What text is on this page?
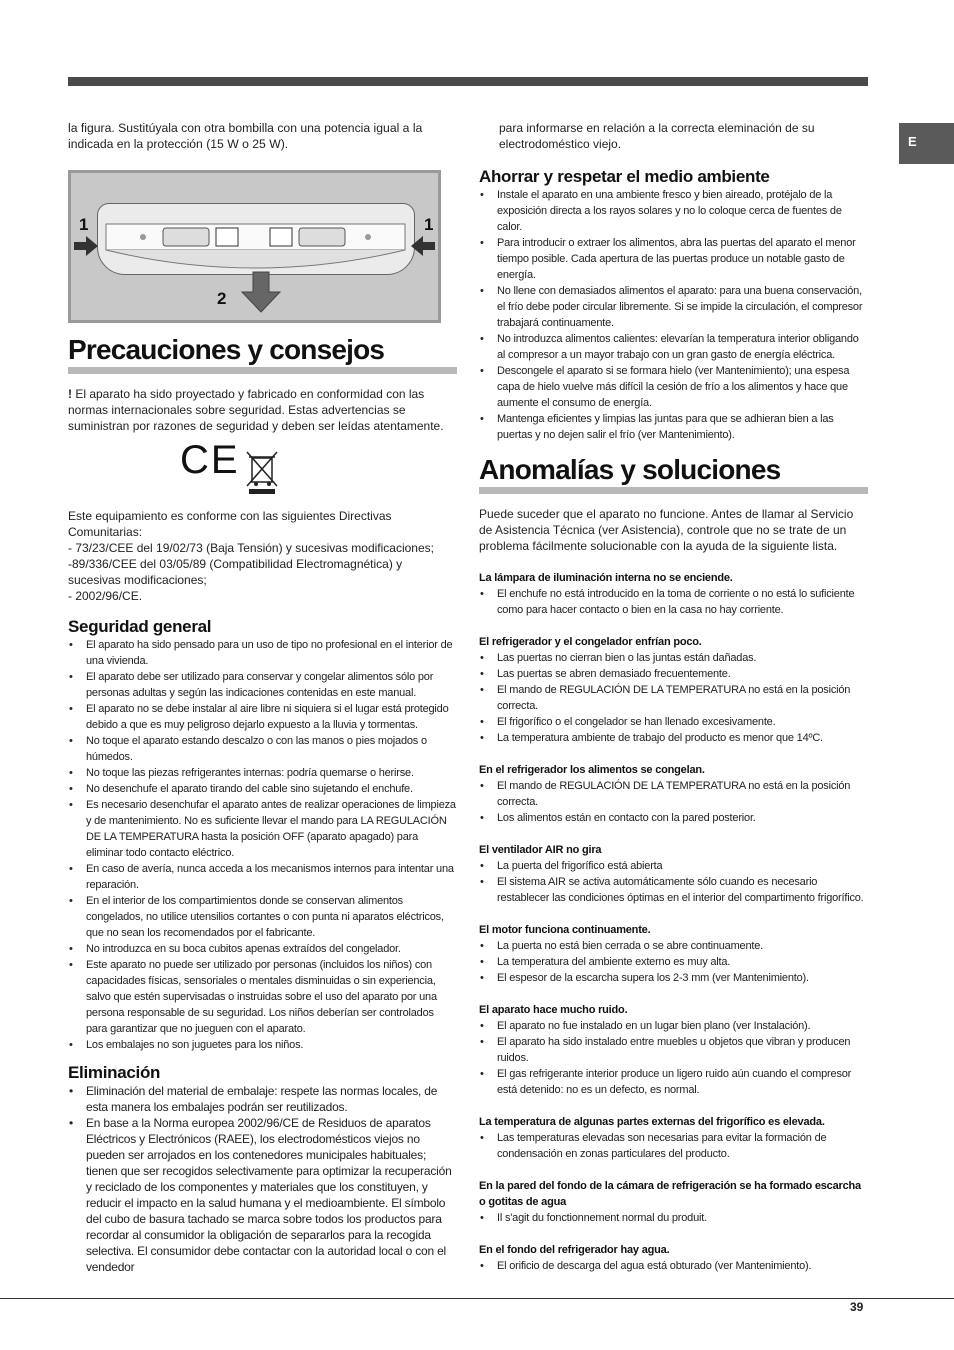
E

la figura. Sustitúyala con otra bombilla con una potencia igual a la indicada en la protección (15 W o 25 W).

1	1
2
Precauciones y consejos

! El aparato ha sido proyectado y fabricado en conformidad con las normas internacionales sobre seguridad. Estas advertencias se suministran por razones de seguridad y deben ser leídas atentamente.

CE

Este equipamiento es conforme con las siguientes Directivas Comunitarias:

- 73/23/CEE del 19/02/73 (Baja Tensión) y sucesivas modificaciones;

-89/336/CEE del 03/05/89 (Compatibilidad Electromagnética) y sucesivas modificaciones;

- 2002/96/CE.

Seguridad general
• El aparato ha sido pensado para un uso de tipo no profesional en el interior de una vivienda.
• El aparato debe ser utilizado para conservar y congelar alimentos sólo por personas adultas y según las indicaciones contenidas en este manual.
• El aparato no se debe instalar al aire libre ni siquiera si el lugar está protegido debido a que es muy peligroso dejarlo expuesto a la lluvia y tormentas.
• No toque el aparato estando descalzo o con las manos o pies mojados o húmedos.
• No toque las piezas refrigerantes internas: podría quemarse o herirse.
• No desenchufe el aparato tirando del cable sino sujetando el enchufe.
• Es necesario desenchufar el aparato antes de realizar operaciones de limpieza y de mantenimiento. No es suficiente llevar el mando para LA REGULACIÓN DE LA TEMPERATURA hasta la posición OFF (aparato apagado) para eliminar todo contacto eléctrico.
• En caso de avería, nunca acceda a los mecanismos internos para intentar una reparación.
• En el interior de los compartimientos donde se conservan alimentos congelados, no utilice utensilios cortantes o con punta ni aparatos eléctricos, que no sean los recomendados por el fabricante.
• No introduzca en su boca cubitos apenas extraídos del congelador.
• Este aparato no puede ser utilizado por personas (incluidos los niños) con capacidades físicas, sensoriales o mentales disminuidas o sin experiencia, salvo que estén supervisadas o instruidas sobre el uso del aparato por una persona responsable de su seguridad. Los niños deberían ser controlados para garantizar que no jueguen con el aparato.
• Los embalajes no son juguetes para los niños.
Eliminación
• Eliminación del material de embalaje: respete las normas locales, de esta manera los embalajes podrán ser reutilizados.
• En base a la Norma europea 2002/96/CE de Residuos de aparatos Eléctricos y Electrónicos (RAEE), los electrodomésticos viejos no pueden ser arrojados en los contenedores municipales habituales; tienen que ser recogidos selectivamente para optimizar la recuperación y reciclado de los componentes y materiales que los constituyen, y reducir el impacto en la salud humana y el medioambiente. El símbolo del cubo de basura tachado se marca sobre todos los productos para recordar al consumidor la obligación de separarlos para la recogida selectiva. El consumidor debe contactar con la autoridad local o con el vendedor

para informarse en relación a la correcta eleminación de su electrodoméstico viejo.

Ahorrar y respetar el medio ambiente
• Instale el aparato en una ambiente fresco y bien aireado, protéjalo de la exposición directa a los rayos solares y no lo coloque cerca de fuentes de calor.
• Para introducir o extraer los alimentos, abra las puertas del aparato el menor tiempo posible. Cada apertura de las puertas produce un notable gasto de energía.
• No llene con demasiados alimentos el aparato: para una buena conservación, el frío debe poder circular libremente. Si se impide la circulación, el compresor trabajará continuamente.
• No introduzca alimentos calientes: elevarían la temperatura interior obligando al compresor a un mayor trabajo con un gran gasto de energía eléctrica.
• Descongele el aparato si se formara hielo (ver Mantenimiento); una espesa capa de hielo vuelve más difícil la cesión de frío a los alimentos y hace que aumente el consumo de energía.
• Mantenga eficientes y limpias las juntas para que se adhieran bien a las puertas y no dejen salir el frío (ver Mantenimiento).
Anomalías y soluciones

Puede suceder que el aparato no funcione. Antes de llamar al Servicio de Asistencia Técnica (ver Asistencia), controle que no se trate de un problema fácilmente solucionable con la ayuda de la siguiente lista.

La lámpara de iluminación interna no se enciende.
• El enchufe no está introducido en la toma de corriente o no está lo suficiente como para hacer contacto o bien en la casa no hay corriente.
El refrigerador y el congelador enfrían poco.
• Las puertas no cierran bien o las juntas están dañadas.
• Las puertas se abren demasiado frecuentemente.
• El mando de REGULACIÓN DE LA TEMPERATURA no está en la posición correcta.
• El frigorífico o el congelador se han llenado excesivamente.
• La temperatura ambiente de trabajo del producto es menor que 14ºC.
En el refrigerador los alimentos se congelan.
• El mando de REGULACIÓN DE LA TEMPERATURA no está en la posición correcta.
• Los alimentos están en contacto con la pared posterior.
El ventilador AIR no gira
• La puerta del frigorífico está abierta
• El sistema AIR se activa automáticamente sólo cuando es necesario restablecer las condiciones óptimas en el interior del compartimento frigorífico.
El motor funciona continuamente.
• La puerta no está bien cerrada o se abre continuamente.
• La temperatura del ambiente externo es muy alta.
• El espesor de la escarcha supera los 2-3 mm (ver Mantenimiento).
El aparato hace mucho ruido.
• El aparato no fue instalado en un lugar bien plano (ver Instalación).
• El aparato ha sido instalado entre muebles u objetos que vibran y producen ruidos.
• El gas refrigerante interior produce un ligero ruido aún cuando el compresor está detenido: no es un defecto, es normal.
La temperatura de algunas partes externas del frigorífico es elevada.
• Las temperaturas elevadas son necesarias para evitar la formación de condensación en zonas particulares del producto.
En la pared del fondo de la cámara de refrigeración se ha formado escarcha o gotitas de agua
• Il s'agit du fonctionnement normal du produit.
En el fondo del refrigerador hay agua.
• El orificio de descarga del agua está obturado (ver Mantenimiento).
39
